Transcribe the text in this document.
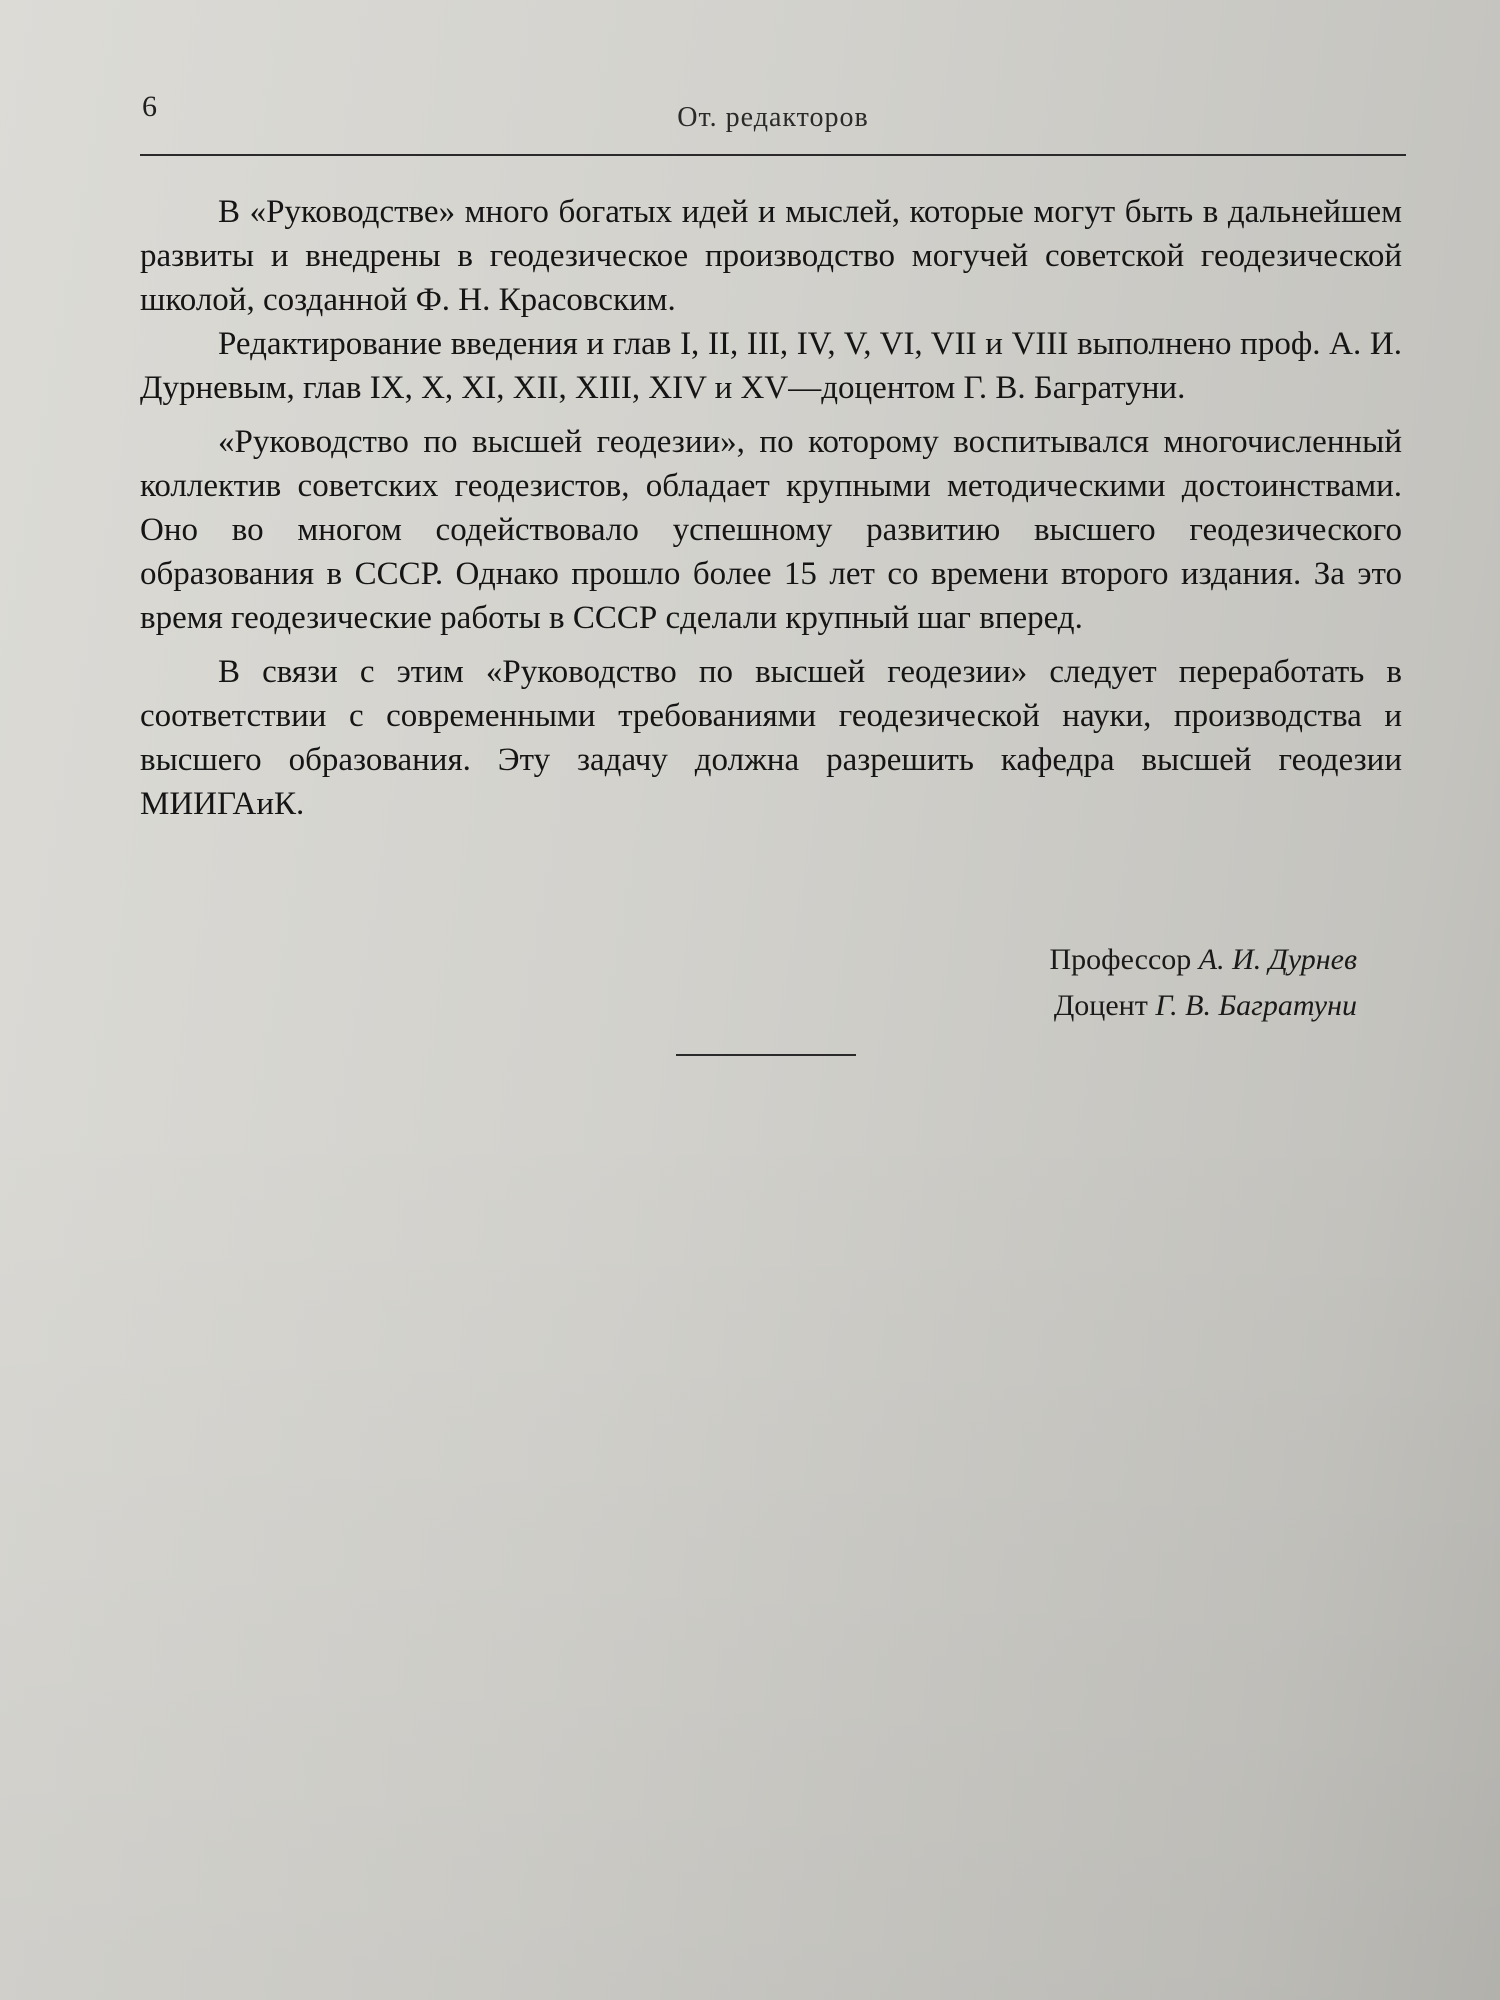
6	От. редакторов

В «Руководстве» много богатых идей и мыслей, которые могут быть в дальнейшем развиты и внедрены в геодезическое производство могучей советской геодезической школой, созданной Ф. Н. Красовским.

Редактирование введения и глав I, II, III, IV, V, VI, VII и VIII выполнено проф. А. И. Дурневым, глав IX, X, XI, XII, XIII, XIV и XV—доцентом Г. В. Багратуни.

«Руководство по высшей геодезии», по которому воспитывался многочисленный коллектив советских геодезистов, обладает крупными методическими достоинствами. Оно во многом содействовало успешному развитию высшего геодезического образования в СССР. Однако прошло более 15 лет со времени второго издания. За это время геодезические работы в СССР сделали крупный шаг вперед.

В связи с этим «Руководство по высшей геодезии» следует переработать в соответствии с современными требованиями геодезической науки, производства и высшего образования. Эту задачу должна разрешить кафедра высшей геодезии МИИГАиК.

Профессор А. И. Дурнев
Доцент Г. В. Багратуни
